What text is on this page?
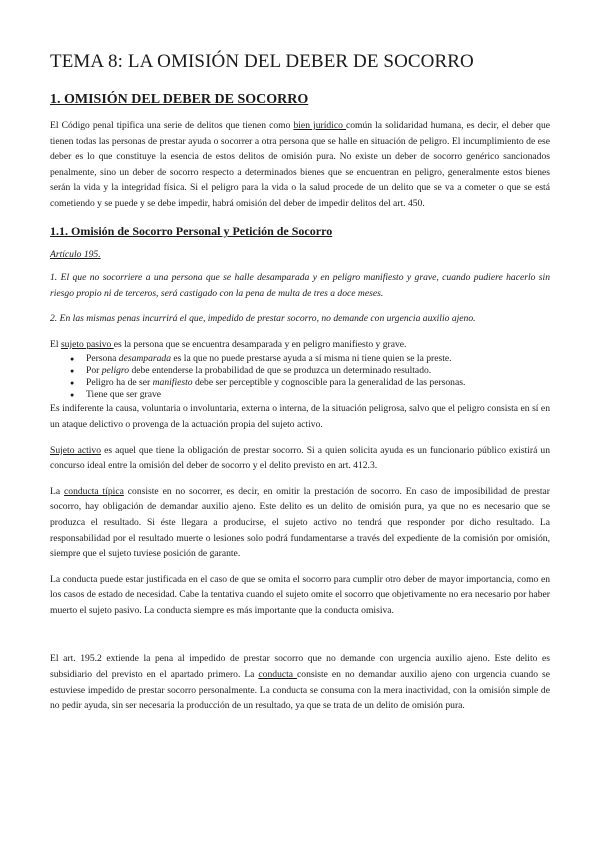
TEMA 8: LA OMISIÓN DEL DEBER DE SOCORRO
1. OMISIÓN DEL DEBER DE SOCORRO

El Código penal tipifica una serie de delitos que tienen como bien jurídico común la solidaridad humana, es decir, el deber que tienen todas las personas de prestar ayuda o socorrer a otra persona que se halle en situación de peligro. El incumplimiento de ese deber es lo que constituye la esencia de estos delitos de omisión pura. No existe un deber de socorro genérico sancionados penalmente, sino un deber de socorro respecto a determinados bienes que se encuentran en peligro, generalmente estos bienes serán la vida y la integridad física. Si el peligro para la vida o la salud procede de un delito que se va a cometer o que se está cometiendo y se puede y se debe impedir, habrá omisión del deber de impedir delitos del art. 450.

1.1. Omisión de Socorro Personal y Petición de Socorro

Artículo 195.

1. El que no socorriere a una persona que se halle desamparada y en peligro manifiesto y grave, cuando pudiere hacerlo sin riesgo propio ni de terceros, será castigado con la pena de multa de tres a doce meses.

2. En las mismas penas incurrirá el que, impedido de prestar socorro, no demande con urgencia auxilio ajeno.

El sujeto pasivo es la persona que se encuentra desamparada y en peligro manifiesto y grave.

● Persona desamparada es la que no puede prestarse ayuda a sí misma ni tiene quien se la preste.
● Por peligro debe entenderse la probabilidad de que se produzca un determinado resultado.
● Peligro ha de ser manifiesto debe ser perceptible y cognoscible para la generalidad de las personas.
● Tiene que ser grave

Es indiferente la causa, voluntaria o involuntaria, externa o interna, de la situación peligrosa, salvo que el peligro consista en sí en un ataque delictivo o provenga de la actuación propia del sujeto activo.

Sujeto activo es aquel que tiene la obligación de prestar socorro. Si a quien solicita ayuda es un funcionario público existirá un concurso ideal entre la omisión del deber de socorro y el delito previsto en art. 412.3.

La conducta típica consiste en no socorrer, es decir, en omitir la prestación de socorro. En caso de imposibilidad de prestar socorro, hay obligación de demandar auxilio ajeno. Este delito es un delito de omisión pura, ya que no es necesario que se produzca el resultado. Si éste llegara a producirse, el sujeto activo no tendrá que responder por dicho resultado. La responsabilidad por el resultado muerte o lesiones solo podrá fundamentarse a través del expediente de la comisión por omisión, siempre que el sujeto tuviese posición de garante.

La conducta puede estar justificada en el caso de que se omita el socorro para cumplir otro deber de mayor importancia, como en los casos de estado de necesidad. Cabe la tentativa cuando el sujeto omite el socorro que objetivamente no era necesario por haber muerto el sujeto pasivo. La conducta siempre es más importante que la conducta omisiva.

El art. 195.2 extiende la pena al impedido de prestar socorro que no demande con urgencia auxilio ajeno. Este delito es subsidiario del previsto en el apartado primero. La conducta consiste en no demandar auxilio ajeno con urgencia cuando se estuviese impedido de prestar socorro personalmente. La conducta se consuma con la mera inactividad, con la omisión simple de no pedir ayuda, sin ser necesaria la producción de un resultado, ya que se trata de un delito de omisión pura.
